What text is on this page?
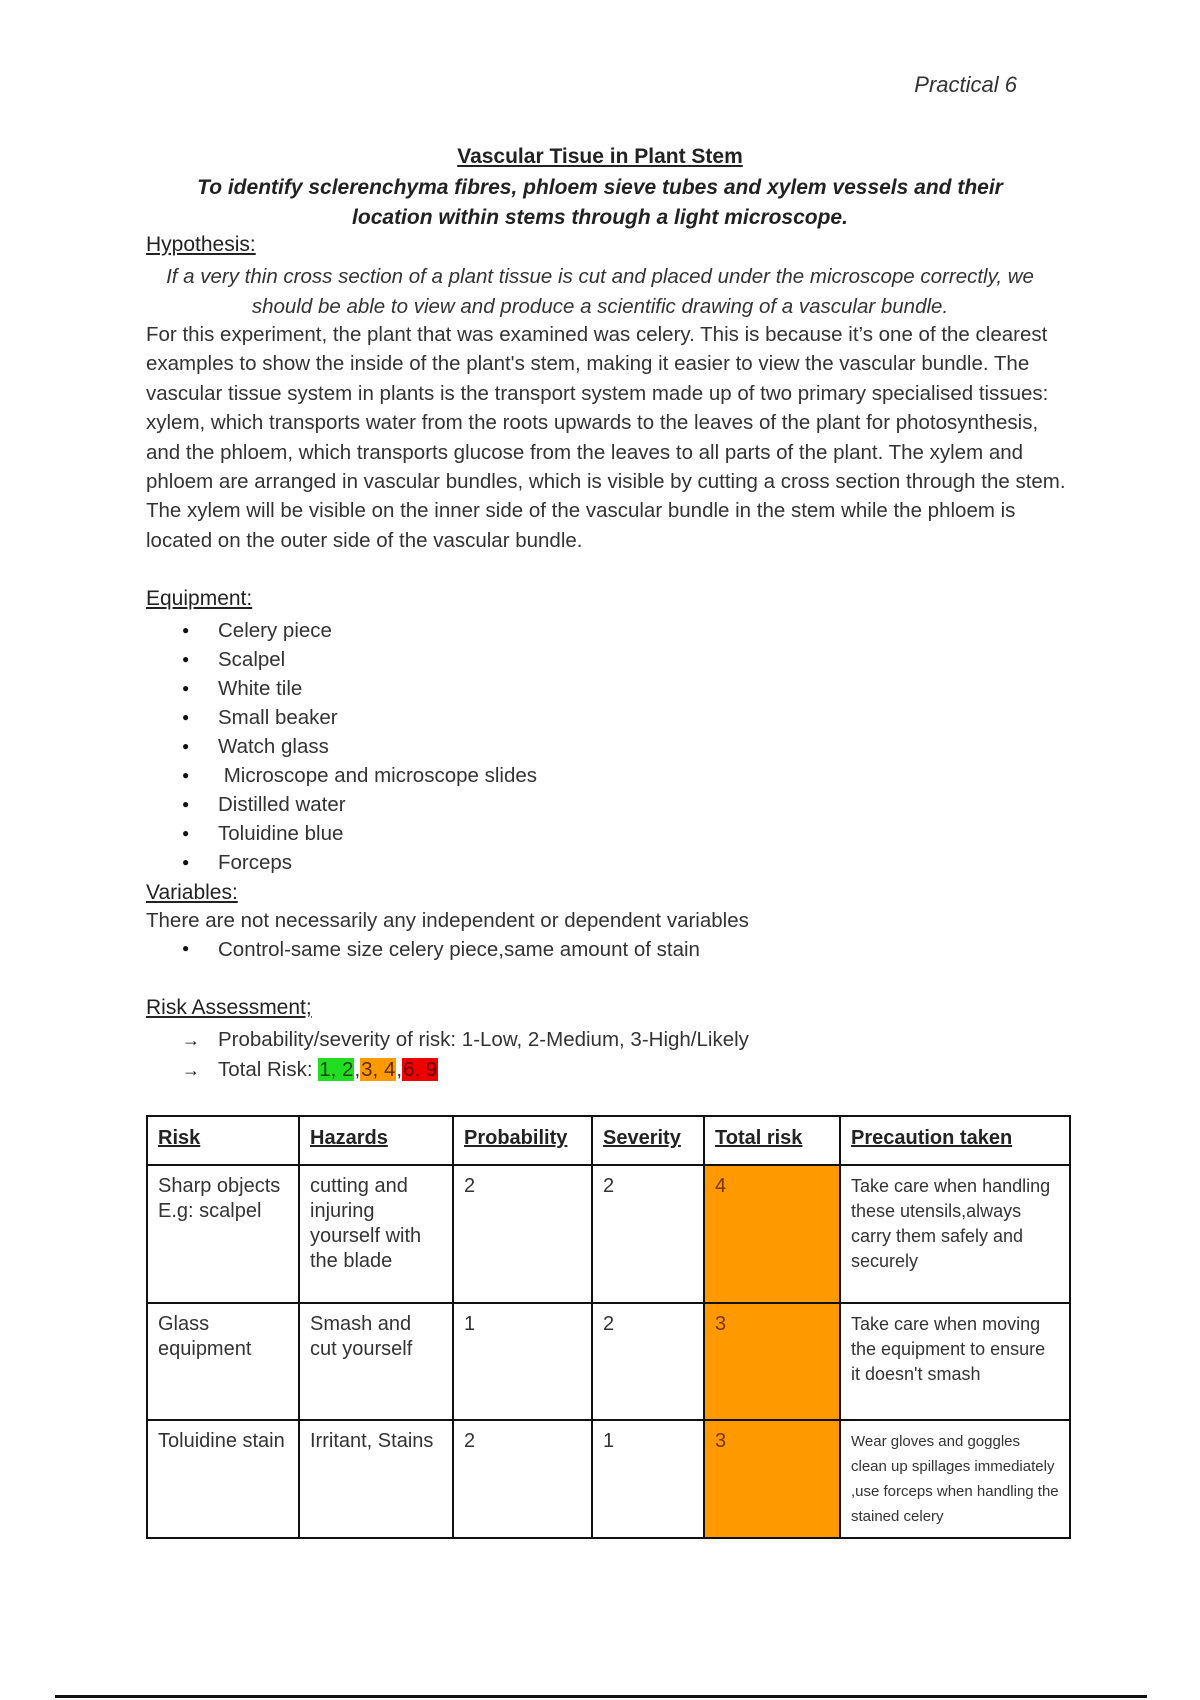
Practical 6
Vascular Tisue in Plant Stem
To identify sclerenchyma fibres, phloem sieve tubes and xylem vessels and their location within stems through a light microscope.
Hypothesis:
If a very thin cross section of a plant tissue is cut and placed under the microscope correctly, we should be able to view and produce a scientific drawing of a vascular bundle.
For this experiment, the plant that was examined was celery. This is because it’s one of the clearest examples to show the inside of the plant's stem, making it easier to view the vascular bundle. The vascular tissue system in plants is the transport system made up of two primary specialised tissues: xylem, which transports water from the roots upwards to the leaves of the plant for photosynthesis, and the phloem, which transports glucose from the leaves to all parts of the plant. The xylem and phloem are arranged in vascular bundles, which is visible by cutting a cross section through the stem. The xylem will be visible on the inner side of the vascular bundle in the stem while the phloem is located on the outer side of the vascular bundle.
Equipment:
● Celery piece
● Scalpel
● White tile
● Small beaker
● Watch glass
●  Microscope and microscope slides
● Distilled water
● Toluidine blue
● Forceps
Variables:
There are not necessarily any independent or dependent variables
● Control-same size celery piece,same amount of stain
Risk Assessment;
→ Probability/severity of risk: 1-Low, 2-Medium, 3-High/Likely
→ Total Risk: 1, 2,3, 4,6, 9
Risk	Hazards	Probability	Severity	Total risk	Precaution taken
Sharp objects E.g: scalpel	cutting and injuring yourself with the blade	2	2	4	Take care when handling these utensils,always carry them safely and securely
Glass equipment	Smash and cut yourself	1	2	3	Take care when moving the equipment to ensure it doesn't smash
Toluidine stain	Irritant, Stains	2	1	3	Wear gloves and goggles clean up spillages immediately ,use forceps when handling the stained celery
